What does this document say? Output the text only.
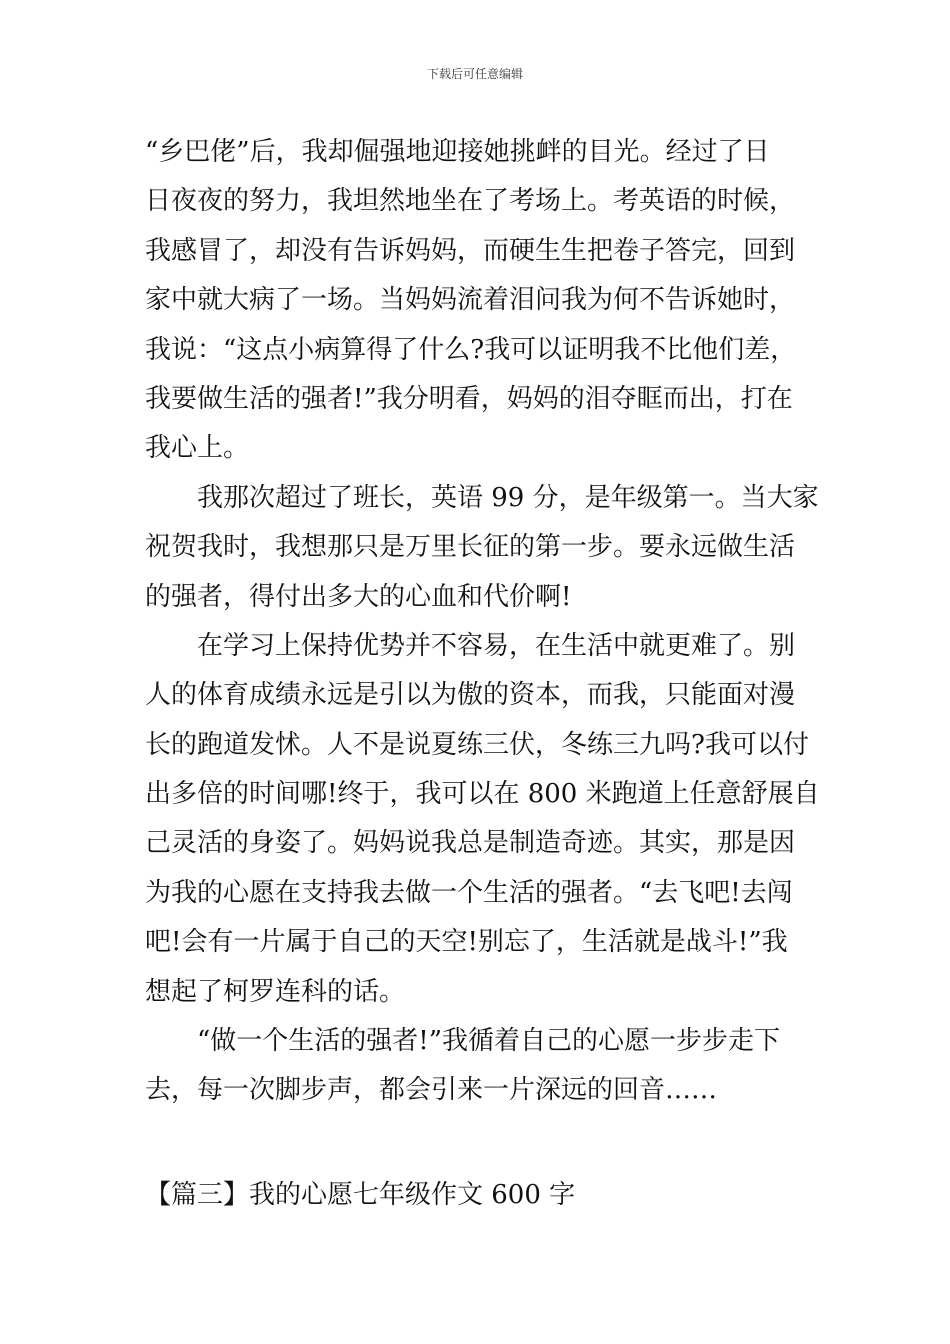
下载后可任意编辑
“乡巴佬”后，我却倔强地迎接她挑衅的目光。经过了日
日夜夜的努力，我坦然地坐在了考场上。考英语的时候，
我感冒了，却没有告诉妈妈，而硬生生把卷子答完，回到
家中就大病了一场。当妈妈流着泪问我为何不告诉她时，
我说：“这点小病算得了什么?我可以证明我不比他们差，
我要做生活的强者!”我分明看，妈妈的泪夺眶而出，打在
我心上。
我那次超过了班长，英语 99 分，是年级第一。当大家
祝贺我时，我想那只是万里长征的第一步。要永远做生活
的强者，得付出多大的心血和代价啊!
在学习上保持优势并不容易，在生活中就更难了。别
人的体育成绩永远是引以为傲的资本，而我，只能面对漫
长的跑道发怵。人不是说夏练三伏，冬练三九吗?我可以付
出多倍的时间哪!终于，我可以在 800 米跑道上任意舒展自
己灵活的身姿了。妈妈说我总是制造奇迹。其实，那是因
为我的心愿在支持我去做一个生活的强者。“去飞吧!去闯
吧!会有一片属于自己的天空!别忘了，生活就是战斗!”我
想起了柯罗连科的话。
“做一个生活的强者!”我循着自己的心愿一步步走下
去，每一次脚步声，都会引来一片深远的回音……
【篇三】我的心愿七年级作文 600 字
